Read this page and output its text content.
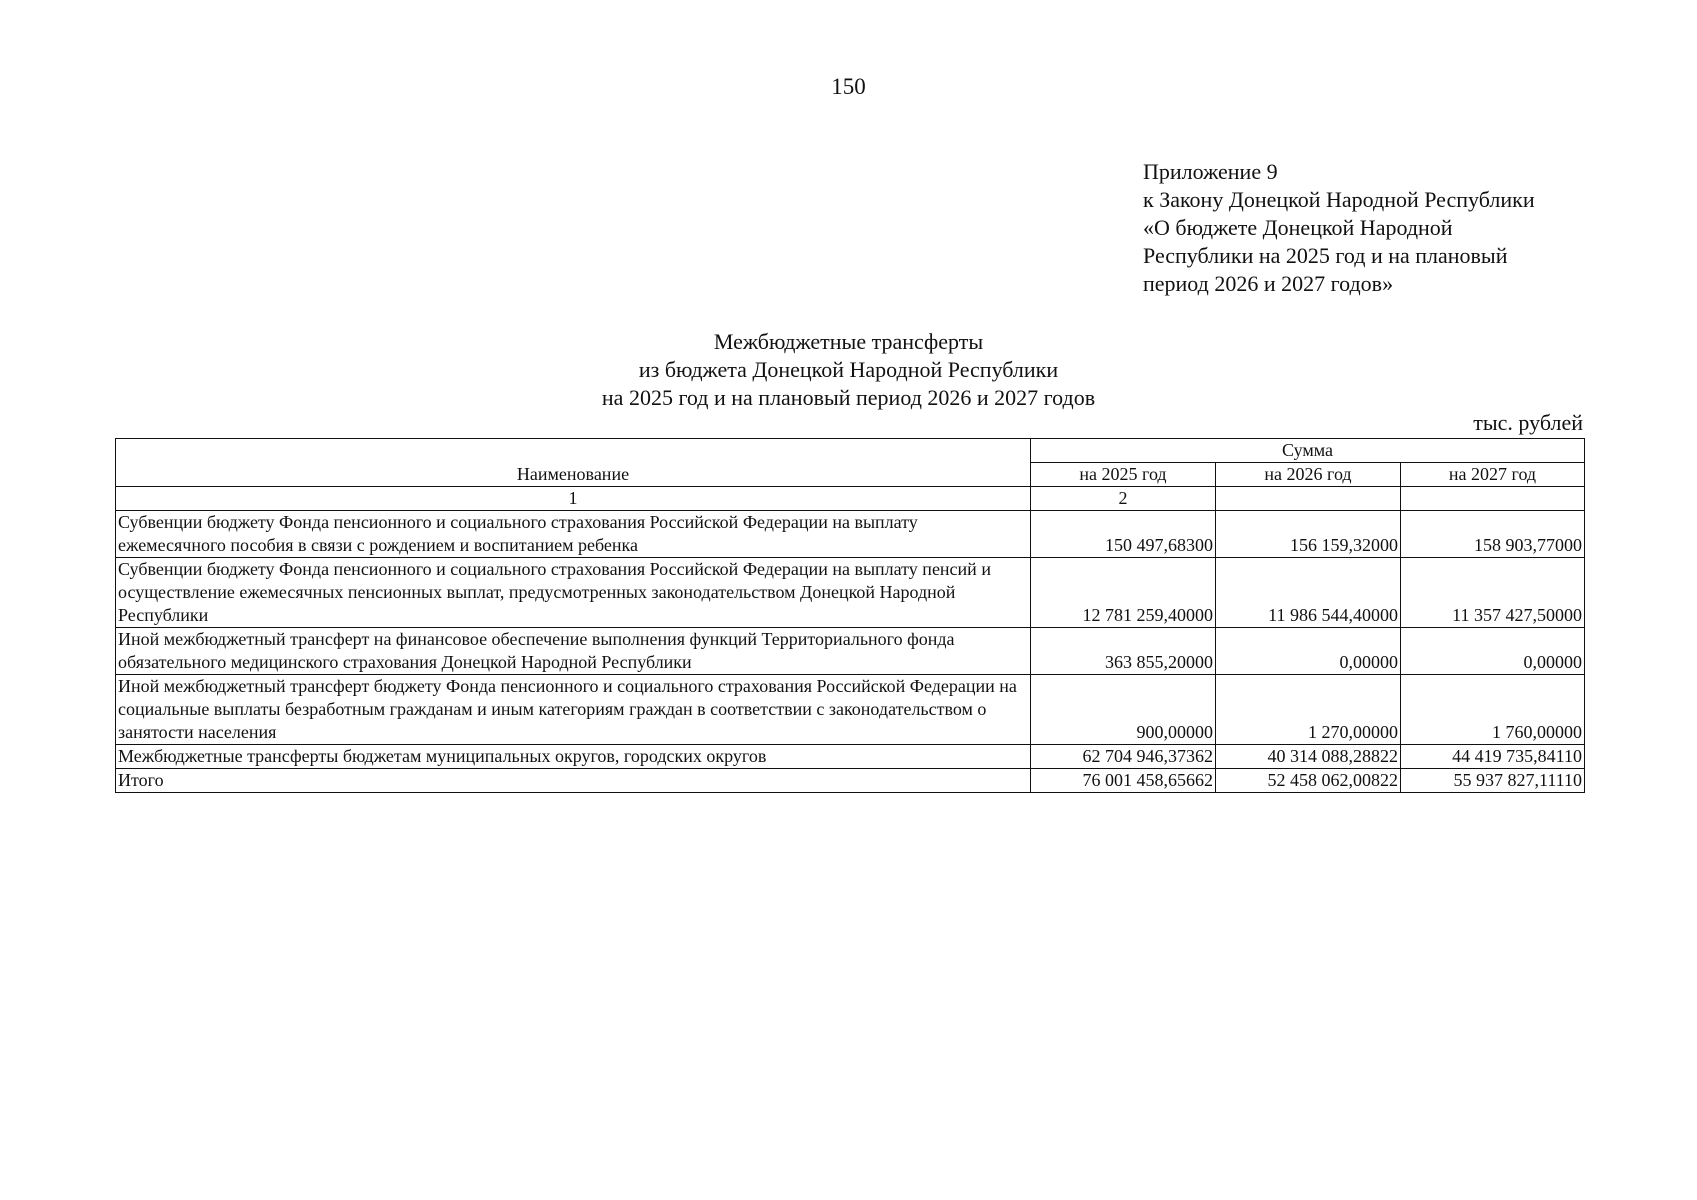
150
Приложение 9
к Закону Донецкой Народной Республики
«О бюджете Донецкой Народной
Республики на 2025 год и на плановый
период 2026 и 2027 годов»
Межбюджетные трансферты
из бюджета Донецкой Народной Республики
на 2025 год и на плановый период 2026 и 2027 годов
тыс. рублей
Наименование	Сумма		
	на 2025 год	на 2026 год	на 2027 год
1	2		
Субвенции бюджету Фонда пенсионного и социального страхования Российской Федерации на выплату ежемесячного пособия в связи с рождением и воспитанием ребенка	150 497,68300	156 159,32000	158 903,77000
Субвенции бюджету Фонда пенсионного и социального страхования Российской Федерации на выплату пенсий и осуществление ежемесячных пенсионных выплат, предусмотренных законодательством Донецкой Народной Республики	12 781 259,40000	11 986 544,40000	11 357 427,50000
Иной межбюджетный трансферт на финансовое обеспечение выполнения функций Территориального фонда обязательного медицинского страхования Донецкой Народной Республики	363 855,20000	0,00000	0,00000
Иной межбюджетный трансферт бюджету Фонда пенсионного и социального страхования Российской Федерации на социальные выплаты безработным гражданам и иным категориям граждан в соответствии с законодательством о занятости населения	900,00000	1 270,00000	1 760,00000
Межбюджетные трансферты бюджетам муниципальных округов, городских округов	62 704 946,37362	40 314 088,28822	44 419 735,84110
Итого	76 001 458,65662	52 458 062,00822	55 937 827,11110
